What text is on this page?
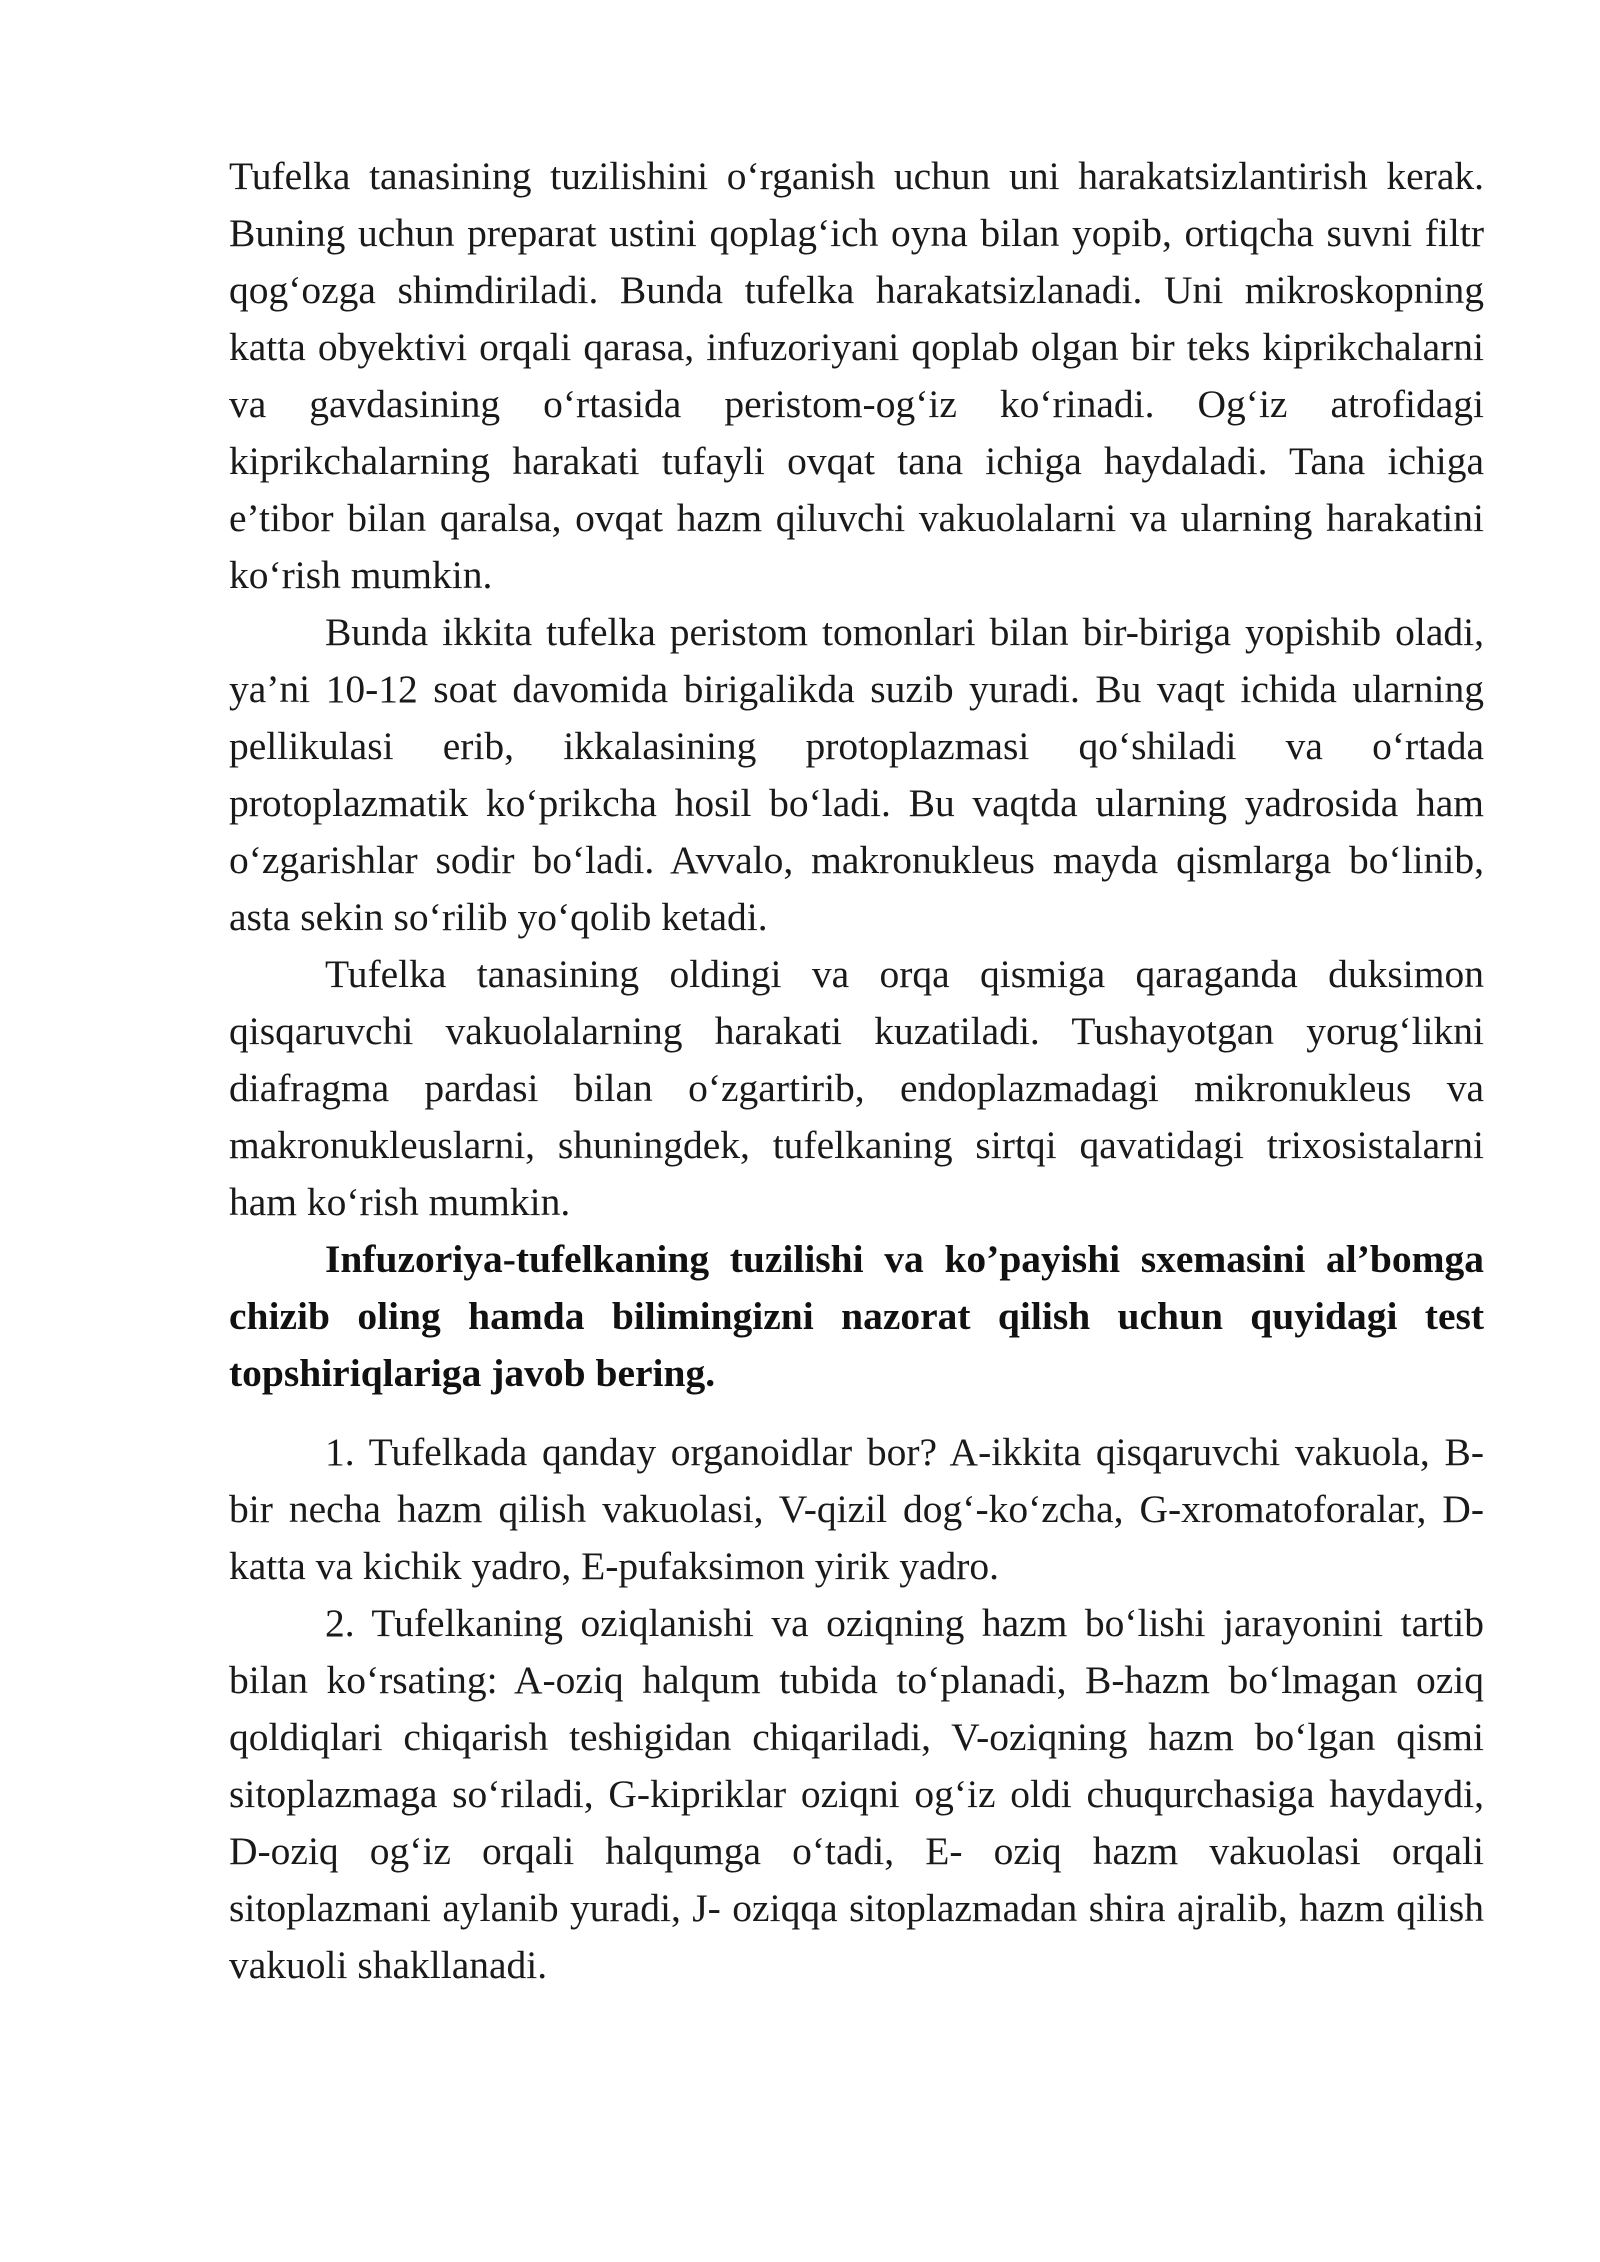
Tufelka tanasining tuzilishini o‘rganish uchun uni harakatsizlantirish kerak. Buning uchun preparat ustini qoplag‘ich oyna bilan yopib, ortiqcha suvni filtr qog‘ozga shimdiriladi. Bunda tufelka harakatsizlanadi. Uni mikroskopning katta obyektivi orqali qarasa, infuzoriyani qoplab olgan bir teks kiprikchalarni va gavdasining o‘rtasida peristom-og‘iz ko‘rinadi. Og‘iz atrofidagi kiprikchalarning harakati tufayli ovqat tana ichiga haydaladi. Tana ichiga e’tibor bilan qaralsa, ovqat hazm qiluvchi vakuolalarni va ularning harakatini ko‘rish mumkin.

Bunda ikkita tufelka peristom tomonlari bilan bir-biriga yopishib oladi, ya’ni 10-12 soat davomida birigalikda suzib yuradi. Bu vaqt ichida ularning pellikulasi erib, ikkalasining protoplazmasi qo‘shiladi va o‘rtada protoplazmatik ko‘prikcha hosil bo‘ladi. Bu vaqtda ularning yadrosida ham o‘zgarishlar sodir bo‘ladi. Avvalo, makronukleus mayda qismlarga bo‘linib, asta sekin so‘rilib yo‘qolib ketadi.

Tufelka tanasining oldingi va orqa qismiga qaraganda duksimon qisqaruvchi vakuolalarning harakati kuzatiladi. Tushayotgan yorug‘likni diafragma pardasi bilan o‘zgartirib, endoplazmadagi mikronukleus va makronukleuslarni, shuningdek, tufelkaning sirtqi qavatidagi trixosistalarni ham ko‘rish mumkin.

Infuzoriya-tufelkaning tuzilishi va ko’payishi sxemasini al’bomga chizib oling hamda bilimingizni nazorat qilish uchun quyidagi test topshiriqlariga javob bering.

1. Tufelkada qanday organoidlar bor? A-ikkita qisqaruvchi vakuola, B-bir necha hazm qilish vakuolasi, V-qizil dog‘-ko‘zcha, G-xromatoforalar, D-katta va kichik yadro, E-pufaksimon yirik yadro.

2. Tufelkaning oziqlanishi va oziqning hazm bo‘lishi jarayonini tartib bilan ko‘rsating: A-oziq halqum tubida to‘planadi, B-hazm bo‘lmagan oziq qoldiqlari chiqarish teshigidan chiqariladi, V-oziqning hazm bo‘lgan qismi sitoplazmaga so‘riladi, G-kipriklar oziqni og‘iz oldi chuqurchasiga haydaydi, D-oziq og‘iz orqali halqumga o‘tadi, E- oziq hazm vakuolasi orqali sitoplazmani aylanib yuradi, J- oziqqa sitoplazmadan shira ajralib, hazm qilish vakuoli shakllanadi.
